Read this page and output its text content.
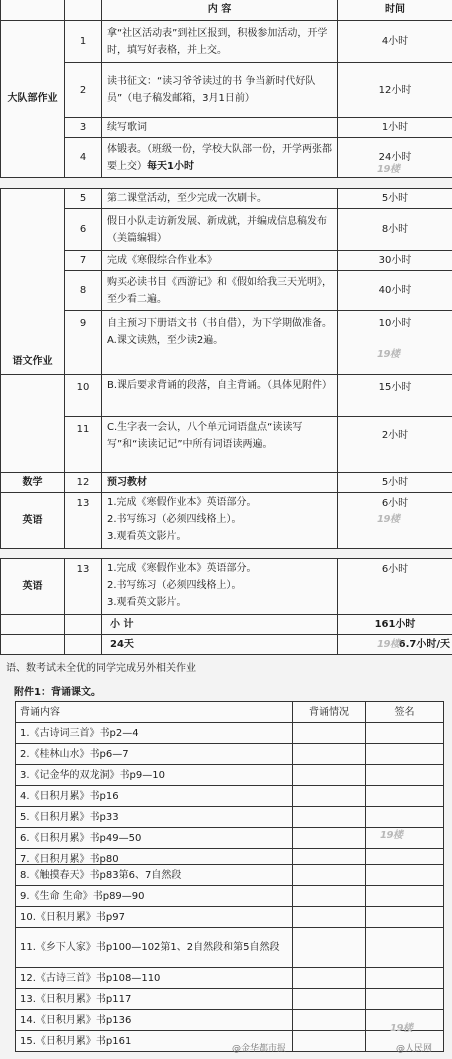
		内 容	时间
大队部作业	1	拿“社区活动表”到社区报到，积极参加活动，开学时，填写好表格，并上交。	4小时
	2	读书征文：“读习爷爷读过的书 争当新时代好队员”（电子稿发邮箱，3月1日前）	12小时
	3	续写歌词	1小时
	4	体锻表。（班级一份，学校大队部一份，开学两张都要上交）每天1小时	24小时
语文作业	5	第二课堂活动，至少完成一次刷卡。	5小时
	6	假日小队走访新发展、新成就，并编成信息稿发布（美篇编辑）	8小时
	7	完成《寒假综合作业本》	30小时
	8	购买必读书目《西游记》和《假如给我三天光明》，至少看二遍。	40小时
	9	自主预习下册语文书（书自借），为下学期做准备。A.课文读熟，至少读2遍。	10小时
	10	B.课后要求背诵的段落，自主背诵。（具体见附件）	15小时
	11	C.生字表一会认，八个单元词语盘点“读读写写”和“读读记记”中所有词语读两遍。	2小时
数学	12	预习教材	5小时
英语	13	1.完成《寒假作业本》英语部分。
2.书写练习（必须四线格上）。
3.观看英文影片。	6小时
英语	13	1.完成《寒假作业本》英语部分。
2.书写练习（必须四线格上）。
3.观看英文影片。	6小时
		小 计	161小时
		24天	6.7小时/天
语、数考试未全优的同学完成另外相关作业
附件1：背诵课文。
背诵内容	背诵情况	签名
1.《古诗词三首》书p2—4		
2.《桂林山水》书p6—7		
3.《记金华的双龙洞》书p9—10		
4.《日积月累》书p16		
5.《日积月累》书p33		
6.《日积月累》书p49—50		
7.《日积月累》书p80		
8.《触摸春天》书p83第6、7自然段		
9.《生命 生命》书p89—90		
10.《日积月累》书p97		
11.《乡下人家》书p100—102第1、2自然段和第5自然段		
12.《古诗三首》书p108—110		
13.《日积月累》书p117		
14.《日积月累》书p136		
15.《日积月累》书p161		
19楼
19楼
19楼
19楼
19楼
19楼
@金华都市报	@人民网
